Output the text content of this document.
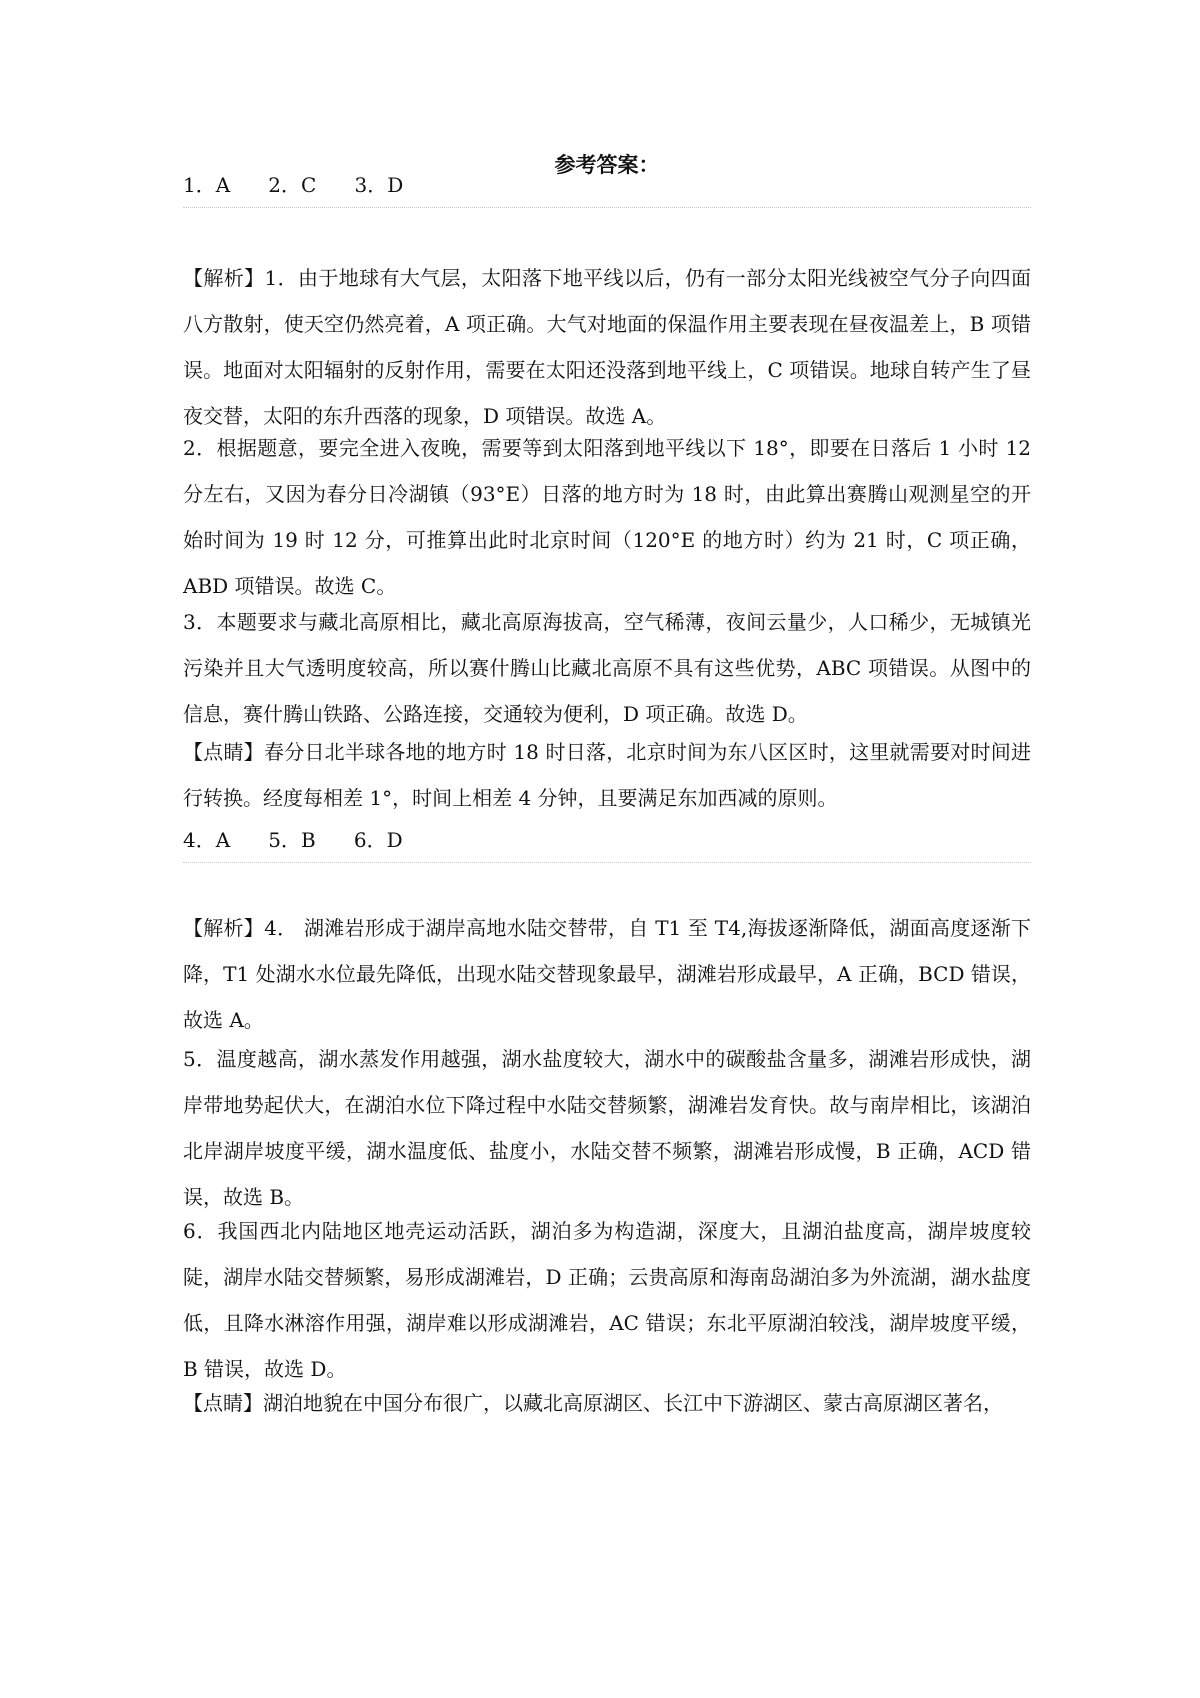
参考答案：
1．A      2．C      3．D
【解析】1．由于地球有大气层，太阳落下地平线以后，仍有一部分太阳光线被空气分子向四面八方散射，使天空仍然亮着，A 项正确。大气对地面的保温作用主要表现在昼夜温差上，B 项错误。地面对太阳辐射的反射作用，需要在太阳还没落到地平线上，C 项错误。地球自转产生了昼夜交替，太阳的东升西落的现象，D 项错误。故选 A。
2．根据题意，要完全进入夜晚，需要等到太阳落到地平线以下 18°，即要在日落后 1 小时 12 分左右，又因为春分日冷湖镇（93°E）日落的地方时为 18 时，由此算出赛腾山观测星空的开始时间为 19 时 12 分，可推算出此时北京时间（120°E 的地方时）约为 21 时，C 项正确，ABD 项错误。故选 C。
3．本题要求与藏北高原相比，藏北高原海拔高，空气稀薄，夜间云量少，人口稀少，无城镇光污染并且大气透明度较高，所以赛什腾山比藏北高原不具有这些优势，ABC 项错误。从图中的信息，赛什腾山铁路、公路连接，交通较为便利，D 项正确。故选 D。
【点睛】春分日北半球各地的地方时 18 时日落，北京时间为东八区区时，这里就需要对时间进行转换。经度每相差 1°，时间上相差 4 分钟，且要满足东加西减的原则。
4．A      5．B      6．D
【解析】4． 湖滩岩形成于湖岸高地水陆交替带，自 T1 至 T4,海拔逐渐降低，湖面高度逐渐下降，T1 处湖水水位最先降低，出现水陆交替现象最早，湖滩岩形成最早，A 正确，BCD 错误，故选 A。
5．温度越高，湖水蒸发作用越强，湖水盐度较大，湖水中的碳酸盐含量多，湖滩岩形成快，湖岸带地势起伏大，在湖泊水位下降过程中水陆交替频繁，湖滩岩发育快。故与南岸相比，该湖泊北岸湖岸坡度平缓，湖水温度低、盐度小，水陆交替不频繁，湖滩岩形成慢，B 正确，ACD 错误，故选 B。
6．我国西北内陆地区地壳运动活跃，湖泊多为构造湖，深度大，且湖泊盐度高，湖岸坡度较陡，湖岸水陆交替频繁，易形成湖滩岩，D 正确；云贵高原和海南岛湖泊多为外流湖，湖水盐度低，且降水淋溶作用强，湖岸难以形成湖滩岩，AC 错误；东北平原湖泊较浅，湖岸坡度平缓，B 错误，故选 D。
【点睛】湖泊地貌在中国分布很广，以藏北高原湖区、长江中下游湖区、蒙古高原湖区著名，
